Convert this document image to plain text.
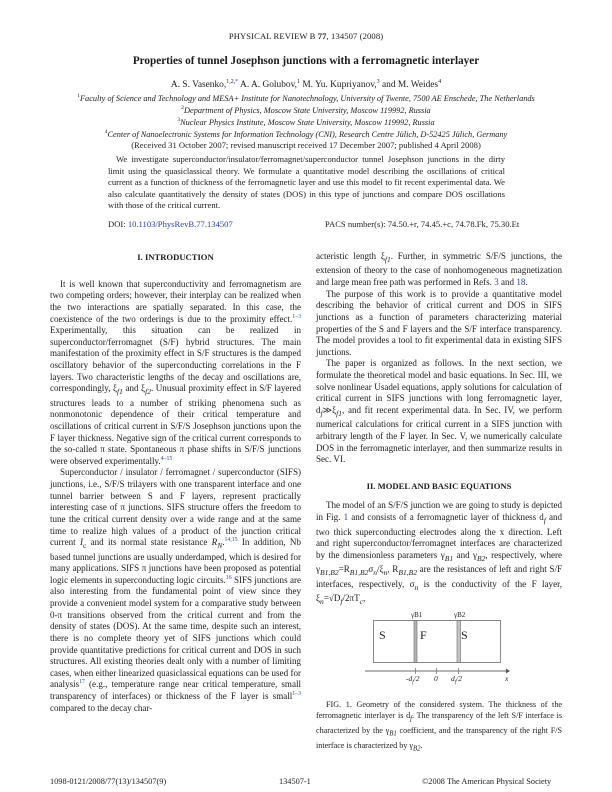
PHYSICAL REVIEW B 77, 134507 (2008)
Properties of tunnel Josephson junctions with a ferromagnetic interlayer
A. S. Vasenko,$^{1,2,*}$ A. A. Golubov,$^1$ M. Yu. Kupriyanov,$^3$ and M. Weides$^4$
$^1$Faculty of Science and Technology and MESA+ Institute for Nanotechnology, University of Twente, 7500 AE Enschede, The Netherlands
$^2$Department of Physics, Moscow State University, Moscow 119992, Russia
$^3$Nuclear Physics Institute, Moscow State University, Moscow 119992, Russia
$^4$Center of Nanoelectronic Systems for Information Technology (CNI), Research Centre Jülich, D-52425 Jülich, Germany
(Received 31 October 2007; revised manuscript received 17 December 2007; published 4 April 2008)

We investigate superconductor/insulator/ferromagnet/superconductor tunnel Josephson junctions in the dirty limit using the quasiclassical theory. We formulate a quantitative model describing the oscillations of critical current as a function of thickness of the ferromagnetic layer and use this model to fit recent experimental data. We also calculate quantitatively the density of states (DOS) in this type of junctions and compare DOS oscillations with those of the critical current.

DOI: 10.1103/PhysRevB.77.134507	PACS number(s): 74.50.+r, 74.45.+c, 74.78.Fk, 75.30.Et
I. INTRODUCTION

It is well known that superconductivity and ferromagnetism are two competing orders; however, their interplay can be realized when the two interactions are spatially separated. In this case, the coexistence of the two orderings is due to the proximity effect.$^{1-3}$ Experimentally, this situation can be realized in superconductor/ferromagnet (S/F) hybrid structures. The main manifestation of the proximity effect in S/F structures is the damped oscillatory behavior of the superconducting correlations in the F layers. Two characteristic lengths of the decay and oscillations are, correspondingly, $\xi_{f1}$ and $\xi_{f2}$. Unusual proximity effect in S/F layered structures leads to a number of striking phenomena such as nonmonotonic dependence of their critical temperature and oscillations of critical current in S/F/S Josephson junctions upon the F layer thickness. Negative sign of the critical current corresponds to the so-called π state. Spontaneous π phase shifts in S/F/S junctions were observed experimentally.$^{4-15}$

Superconductor / insulator / ferromagnet / superconductor (SIFS) junctions, i.e., S/F/S trilayers with one transparent interface and one tunnel barrier between S and F layers, represent practically interesting case of π junctions. SIFS structure offers the freedom to tune the critical current density over a wide range and at the same time to realize high values of a product of the junction critical current $I_c$ and its normal state resistance $R_N.^{14,15}$ In addition, Nb based tunnel junctions are usually underdamped, which is desired for many applications. SIFS π junctions have been proposed as potential logic elements in superconducting logic circuits.$^{16}$ SIFS junctions are also interesting from the fundamental point of view since they provide a convenient model system for a comparative study between 0-π transitions observed from the critical current and from the density of states (DOS). At the same time, despite such an interest, there is no complete theory yet of SIFS junctions which could provide quantitative predictions for critical current and DOS in such structures. All existing theories dealt only with a number of limiting cases, when either linearized quasiclassical equations can be used for analysis$^{17}$ (e.g., temperature range near critical temperature, small transparency of interfaces) or thickness of the F layer is small$^{1-3}$ compared to the decay char-

acteristic length $\xi_{f1}$. Further, in symmetric S/F/S junctions, the extension of theory to the case of nonhomogeneous magnetization and large mean free path was performed in Refs. 3 and 18.

The purpose of this work is to provide a quantitative model describing the behavior of critical current and DOS in SIFS junctions as a function of parameters characterizing material properties of the S and F layers and the S/F interface transparency. The model provides a tool to fit experimental data in existing SIFS junctions.

The paper is organized as follows. In the next section, we formulate the theoretical model and basic equations. In Sec. III, we solve nonlinear Usadel equations, apply solutions for calculation of critical current in SIFS junctions with long ferromagnetic layer, $d_f≫\xi_{f1}$, and fit recent experimental data. In Sec. IV, we perform numerical calculations for critical current in a SIFS junction with arbitrary length of the F layer. In Sec. V, we numerically calculate DOS in the ferromagnetic interlayer, and then summarize results in Sec. VI.

II. MODEL AND BASIC EQUATIONS

The model of an S/F/S junction we are going to study is depicted in Fig. 1 and consists of a ferromagnetic layer of thickness $d_f$ and two thick superconducting electrodes along the x direction. Left and right superconductor/ferromagnet interfaces are characterized by the dimensionless parameters $\gamma_{B1}$ and $\gamma_{B2}$, respectively, where $\gamma_{B1,B2}=R_{B1,B2}\sigma_n/\xi_n$, $R_{B1,B2}$ are the resistances of left and right S/F interfaces, respectively, $\sigma_n$ is the conductivity of the F layer, $\xi_n=√D_f/2\pi T_c$,

S	F	S
γB1	γB2
$-d_f/2$ 0 $d_f/2$	x

FIG. 1. Geometry of the considered system. The thickness of the ferromagnetic interlayer is $d_f$. The transparency of the left S/F interface is characterized by the $\gamma_{B1}$ coefficient, and the transparency of the right F/S interface is characterized by $\gamma_{B2}$.

1098-0121/2008/77(13)/134507(9)	134507-1	©2008 The American Physical Society
